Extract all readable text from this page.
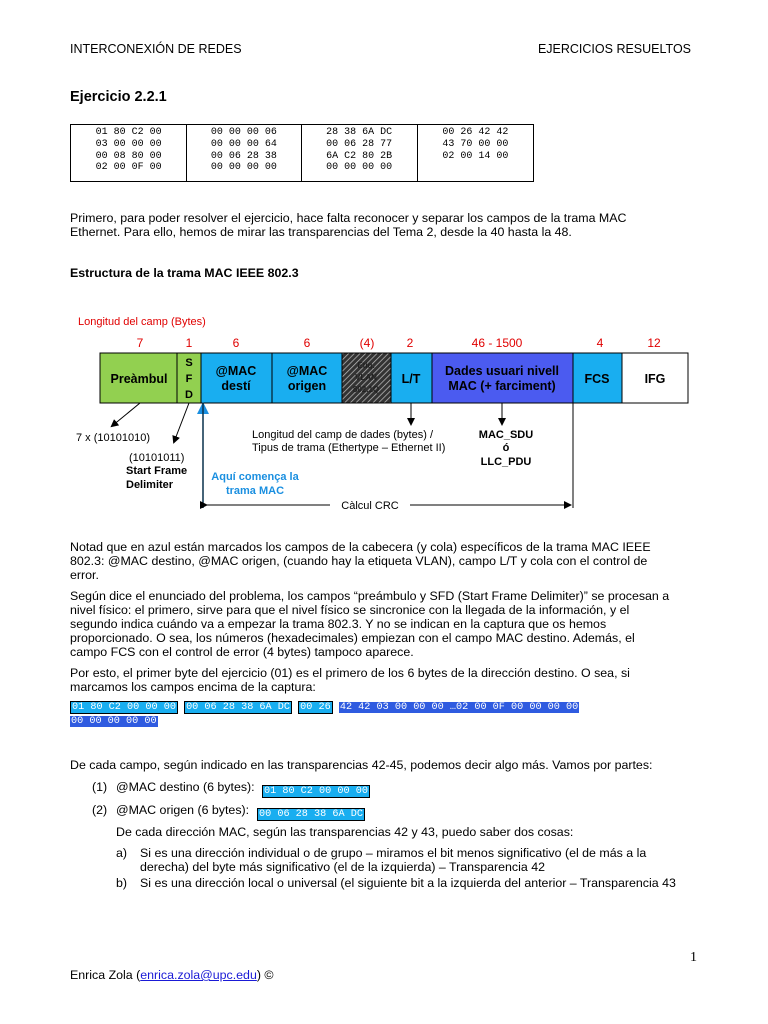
INTERCONEXIÓN DE REDES	EJERCICIOS RESUELTOS
Ejercicio 2.2.1
01 80 C2 00
03 00 00 00
00 08 80 00
02 00 0F 00	00 00 00 06
00 00 00 64
00 06 28 38
00 00 00 00	28 38 6A DC
00 06 28 77
6A C2 80 2B
00 00 00 00	00 26 42 42
43 70 00 00
02 00 14 00

Primero, para poder resolver el ejercicio, hace falta reconocer y separar los campos de la trama MAC
Ethernet. Para ello, hemos de mirar las transparencias del Tema 2, desde la 40 hasta la 48.
Estructura de la trama MAC IEEE 802.3
Longitud del camp (Bytes)
7	1	6	6	(4)	2	46 - 1500	4	12
Preàmbul
S
F
D
@MAC
destí
@MAC
origen
Etiq.
VLAN
802.1Q
L/T
Dades usuari nivell
MAC (+ farciment) FCS	IFG
Càlcul CRC
7 x (10101010)
(10101011)
Start Frame
Delimiter
Aquí comença la
trama MAC
Longitud del camp de dades (bytes) /
Tipus de trama (Ethertype – Ethernet II)
MAC_SDU
ó
LLC_PDU
Notad que en azul están marcados los campos de la cabecera (y cola) específicos de la trama MAC IEEE
802.3: @MAC destino, @MAC origen, (cuando hay la etiqueta VLAN), campo L/T y cola con el control de
error.
Según dice el enunciado del problema, los campos “preámbulo y SFD (Start Frame Delimiter)” se procesan a
nivel físico: el primero, sirve para que el nivel físico se sincronice con la llegada de la información, y el
segundo indica cuándo va a empezar la trama 802.3. Y no se indican en la captura que os hemos
proporcionado. O sea, los números (hexadecimales) empiezan con el campo MAC destino. Además, el
campo FCS con el control de error (4 bytes) tampoco aparece.
Por esto, el primer byte del ejercicio (01) es el primero de los 6 bytes de la dirección destino. O sea, si
marcamos los campos encima de la captura:
01 80 C2 00 00 00 00 06 28 38 6A DC 00 26 42 42 03 00 00 00 …02 00 0F 00 00 00 00
00 00 00 00 00
De cada campo, según indicado en las transparencias 42-45, podemos decir algo más. Vamos por partes:
(1) @MAC destino (6 bytes): 01 80 C2 00 00 00
(2) @MAC origen (6 bytes): 00 06 28 38 6A DC
De cada dirección MAC, según las transparencias 42 y 43, puedo saber dos cosas:
a) Si es una dirección individual o de grupo – miramos el bit menos significativo (el de más a la
derecha) del byte más significativo (el de la izquierda) – Transparencia 42
b) Si es una dirección local o universal (el siguiente bit a la izquierda del anterior – Transparencia 43
1
Enrica Zola (enrica.zola@upc.edu) ©
